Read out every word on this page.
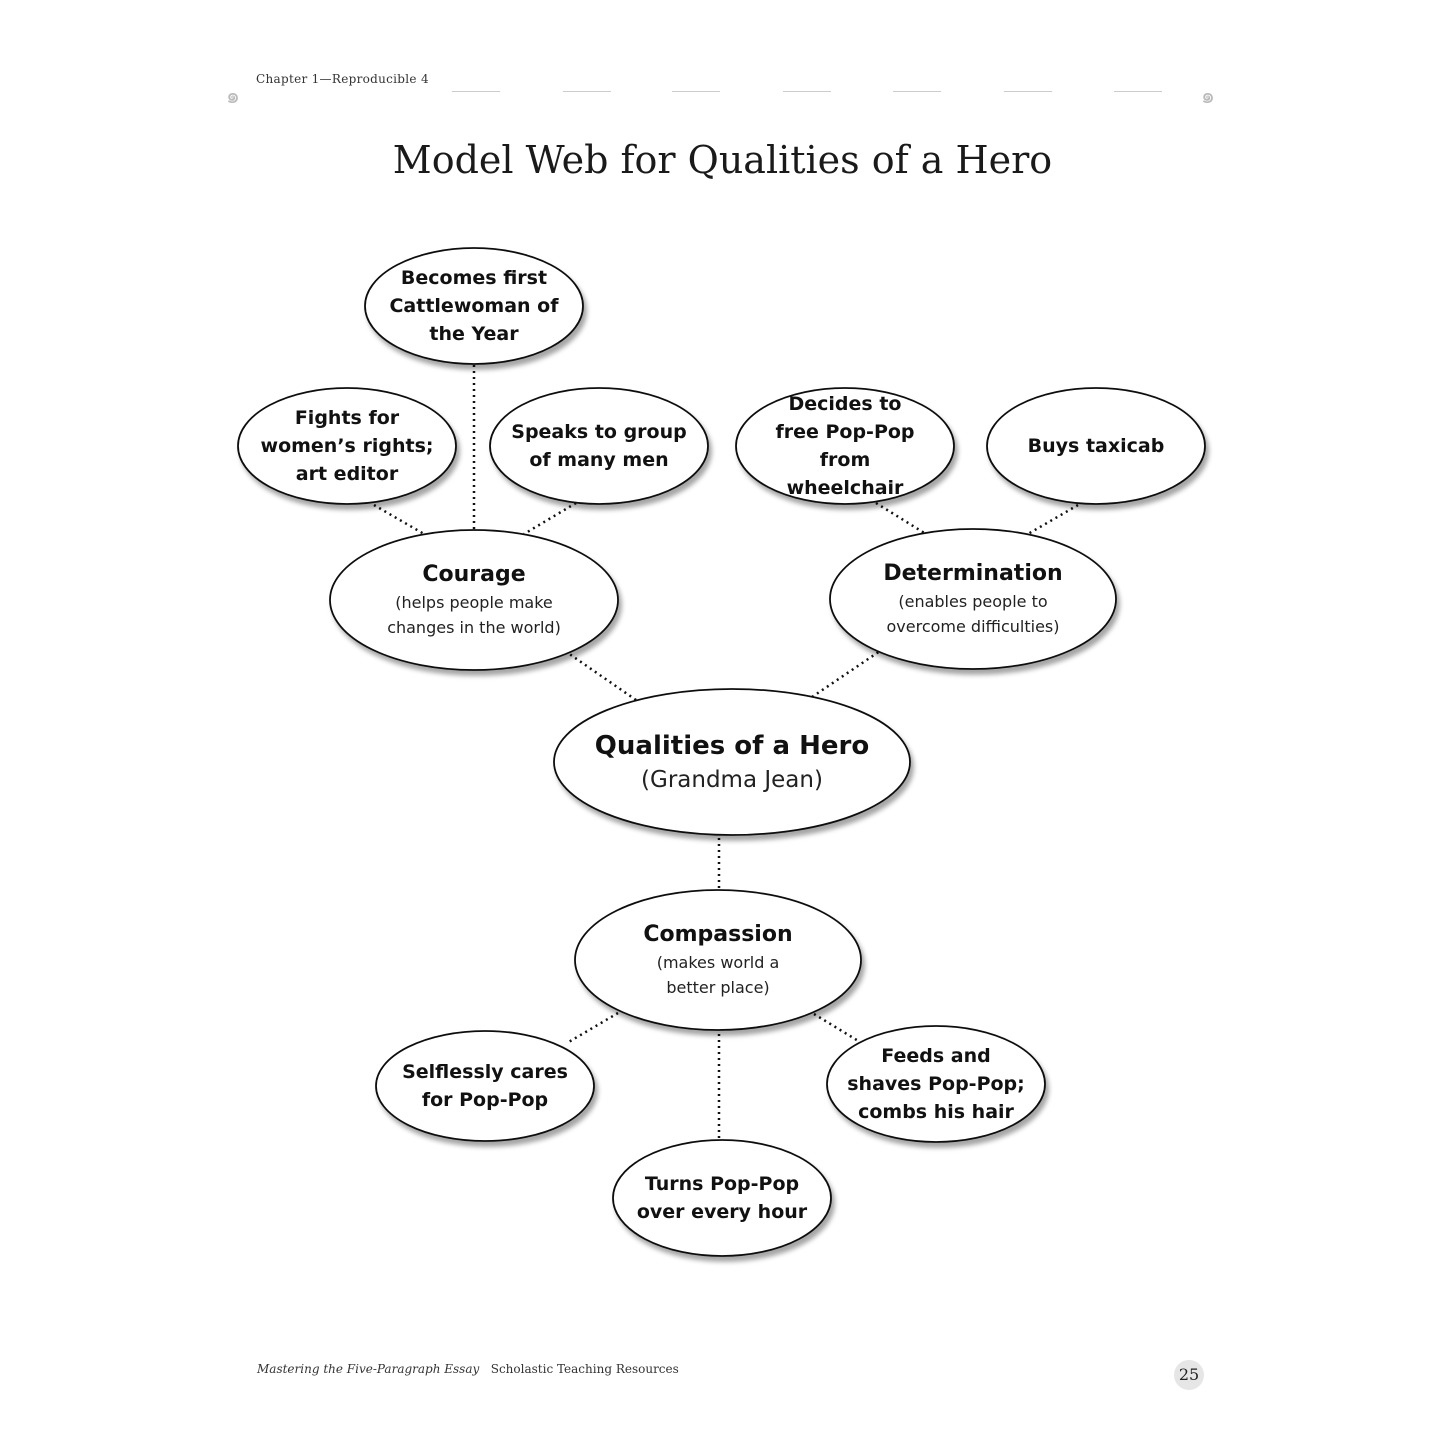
๑
Chapter 1—Reproducible 4
๑
Model Web for Qualities of a Hero
Becomes first
Cattlewoman of
the Year
Fights for
women’s rights;
art editor
Speaks to group
of many men
Decides to
free Pop-Pop from
wheelchair
Buys taxicab
Courage
(helps people make
changes in the world)
Determination
(enables people to
overcome difficulties)
Qualities of a Hero
(Grandma Jean)
Compassion
(makes world a
better place)
Selflessly cares
for Pop-Pop
Turns Pop-Pop
over every hour
Feeds and
shaves Pop-Pop;
combs his hair
Mastering the Five-Paragraph Essay Scholastic Teaching Resources	25
